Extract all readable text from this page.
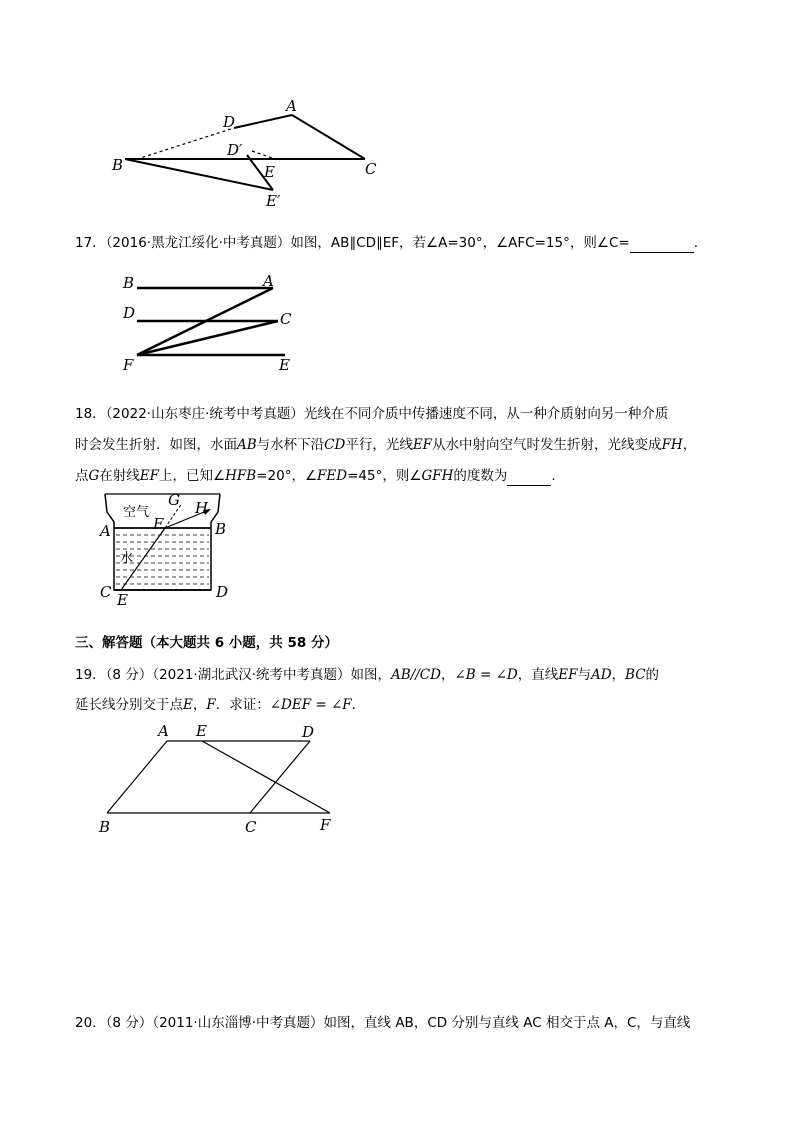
B
D
A
C
D′
E
E′
17．（2016·黑龙江绥化·中考真题）如图，AB∥CD∥EF，若∠A=30°，∠AFC=15°，则∠C=	.
B	A
D	C
F	E
18．（2022·山东枣庄·统考中考真题）光线在不同介质中传播速度不同，从一种介质射向另一种介质
时会发生折射．如图，水面AB与水杯下沿CD平行，光线EF从水中射向空气时发生折射，光线变成FH，
点G在射线EF上，已知∠HFB=20°，∠FED=45°，则∠GFH的度数为	.
空气
水
A	B
C	D
E
F
G H
三、解答题（本大题共 6 小题，共 58 分）
19．（8 分）（2021·湖北武汉·统考中考真题）如图，AB//CD，∠B = ∠D，直线EF与AD，BC的
延长线分别交于点E，F．求证：∠DEF = ∠F．
A E	D
B	C	F
20．（8 分）（2011·山东淄博·中考真题）如图，直线 AB，CD 分别与直线 AC 相交于点 A，C，与直线
